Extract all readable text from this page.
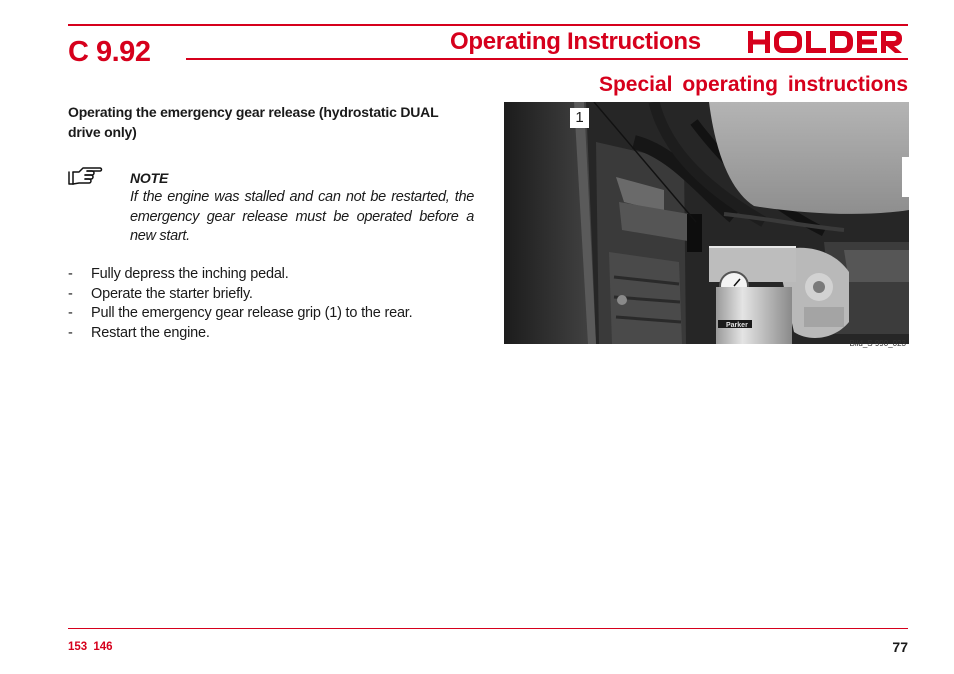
C 9.92	Operating Instructions
Special operating instructions
Operating the emergency gear release (hydrostatic DUAL drive only)
NOTE
If the engine was stalled and can not be restarted, the emergency gear release must be operated before a new start.
- Fully depress the inching pedal.
- Operate the starter briefly.
- Pull the emergency gear release grip (1) to the rear.
- Restart the engine.	Parker
1
Bild_S 990_023
153 146	77
